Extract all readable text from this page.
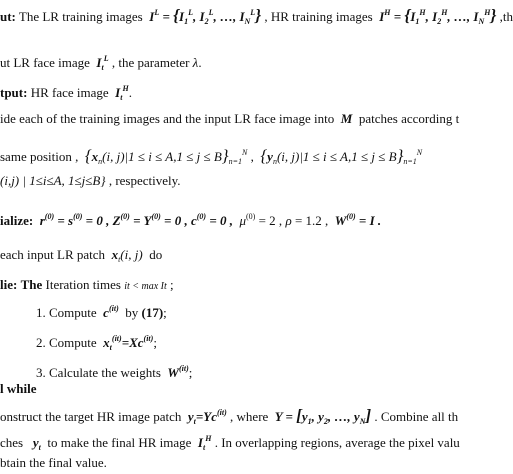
ut: The LR training images  $I^L = \{I_1^L$, $I_2^L$, …, $I_N^L$} , HR training images  $I^H = \{I_1^H$, $I_2^H$, …, $I_N^H$} ,th
ut LR face image  $I_t^L$ , the parameter λ.
tput: HR face image  $I_t^H$.
ide each of the training images and the input LR face image into M patches according t
same position , {$x_n(i$, $j)|1 \le i \le A,1 \le j \le B\}_{n=1}^N$ , {$y_n(i$, $j)|1 \le i \le A,1 \le j \le B\}_{n=1}^N$
(i,j) | 1≤i≤A, 1≤j≤B} , respectively.
ialize:  $r^{(0)} = s^{(0)} = 0$ , $Z^{(0)} = Y^{(0)} = 0$ , $c^{(0)} = 0$ , $\mu^{(0)} = 2$ , ρ = 1.2 ,  $W^{(0)} = I$ .
each input LR patch $x_t(i$, j) do
lie: The Iteration times it < max It ;
1. Compute  $c^{(it)}$ by (17);
2. Compute  $x_t^{(it)}=Xc^{(it)}$;
3. Calculate the weights  $W^{(it)}$;
l while
onstruct the target HR image patch  $y_t=Yc^{(it)}$ , where  $Y = [y_1$, $y_2$, …, $y_N$] . Combine all th
ches   $y_t$ to make the final HR image  $I_t^H$ . In overlapping regions, average the pixel valu
btain the final value.
